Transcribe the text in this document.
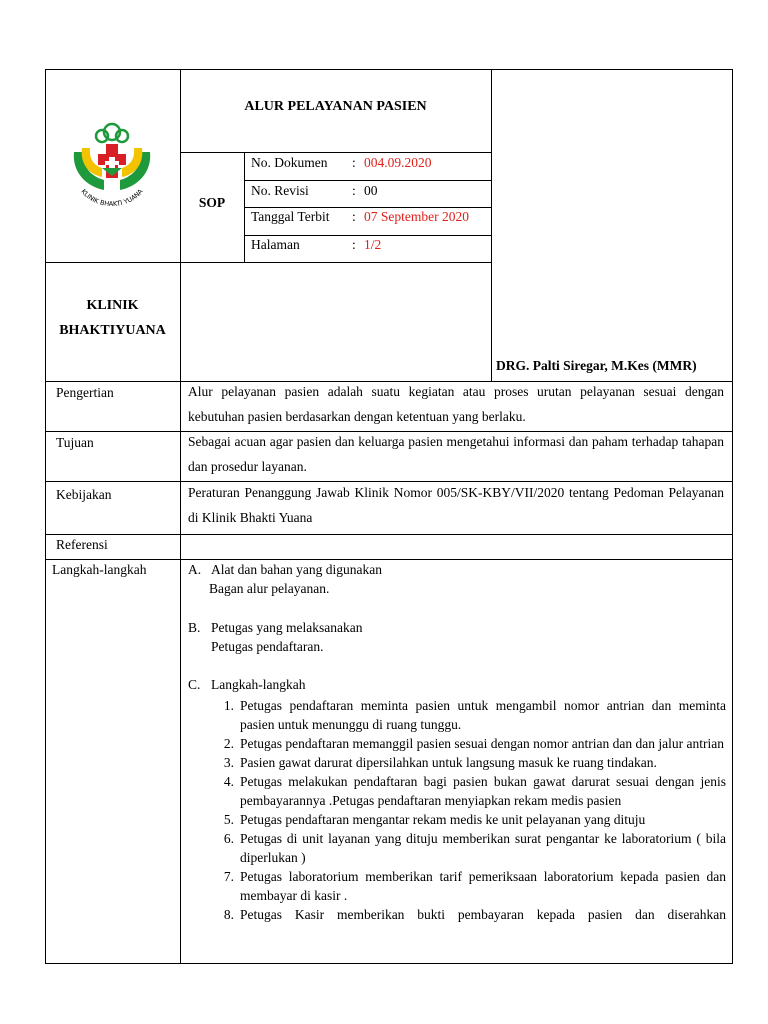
KLINIK BHAKTI YUANA
ALUR PELAYANAN PASIEN
SOP
No. Dokumen : 004.09.2020
No. Revisi	: 00
Tanggal Terbit : 07 September 2020
Halaman	: 1/2
KLINIK
BHAKTIYUANA
DRG. Palti Siregar, M.Kes (MMR)
Pengertian	Alur pelayanan pasien adalah suatu kegiatan atau proses urutan pelayanan sesuai dengan kebutuhan pasien berdasarkan dengan ketentuan yang berlaku.
Tujuan	Sebagai acuan agar pasien dan keluarga pasien mengetahui informasi dan paham terhadap tahapan dan prosedur layanan.
Kebijakan	Peraturan Penanggung Jawab Klinik Nomor 005/SK-KBY/VII/2020 tentang Pedoman Pelayanan di Klinik Bhakti Yuana
Referensi
Langkah-langkah	A. Alat dan bahan yang digunakan
Bagan alur pelayanan.
B. Petugas yang melaksanakan
Petugas pendaftaran.
C. Langkah-langkah
1. Petugas pendaftaran meminta pasien untuk mengambil nomor antrian dan meminta pasien untuk menunggu di ruang tunggu.
2. Petugas pendaftaran memanggil pasien sesuai dengan nomor antrian dan dan jalur antrian
3. Pasien gawat darurat dipersilahkan untuk langsung masuk ke ruang tindakan.
4. Petugas melakukan pendaftaran bagi pasien bukan gawat darurat sesuai dengan jenis pembayarannya .Petugas pendaftaran menyiapkan rekam medis pasien
5. Petugas pendaftaran mengantar rekam medis ke unit pelayanan yang dituju
6. Petugas di unit layanan yang dituju memberikan surat pengantar ke laboratorium ( bila diperlukan )
7. Petugas laboratorium memberikan tarif pemeriksaan laboratorium kepada pasien dan membayar di kasir .
8. Petugas Kasir memberikan bukti pembayaran kepada pasien dan diserahkan
